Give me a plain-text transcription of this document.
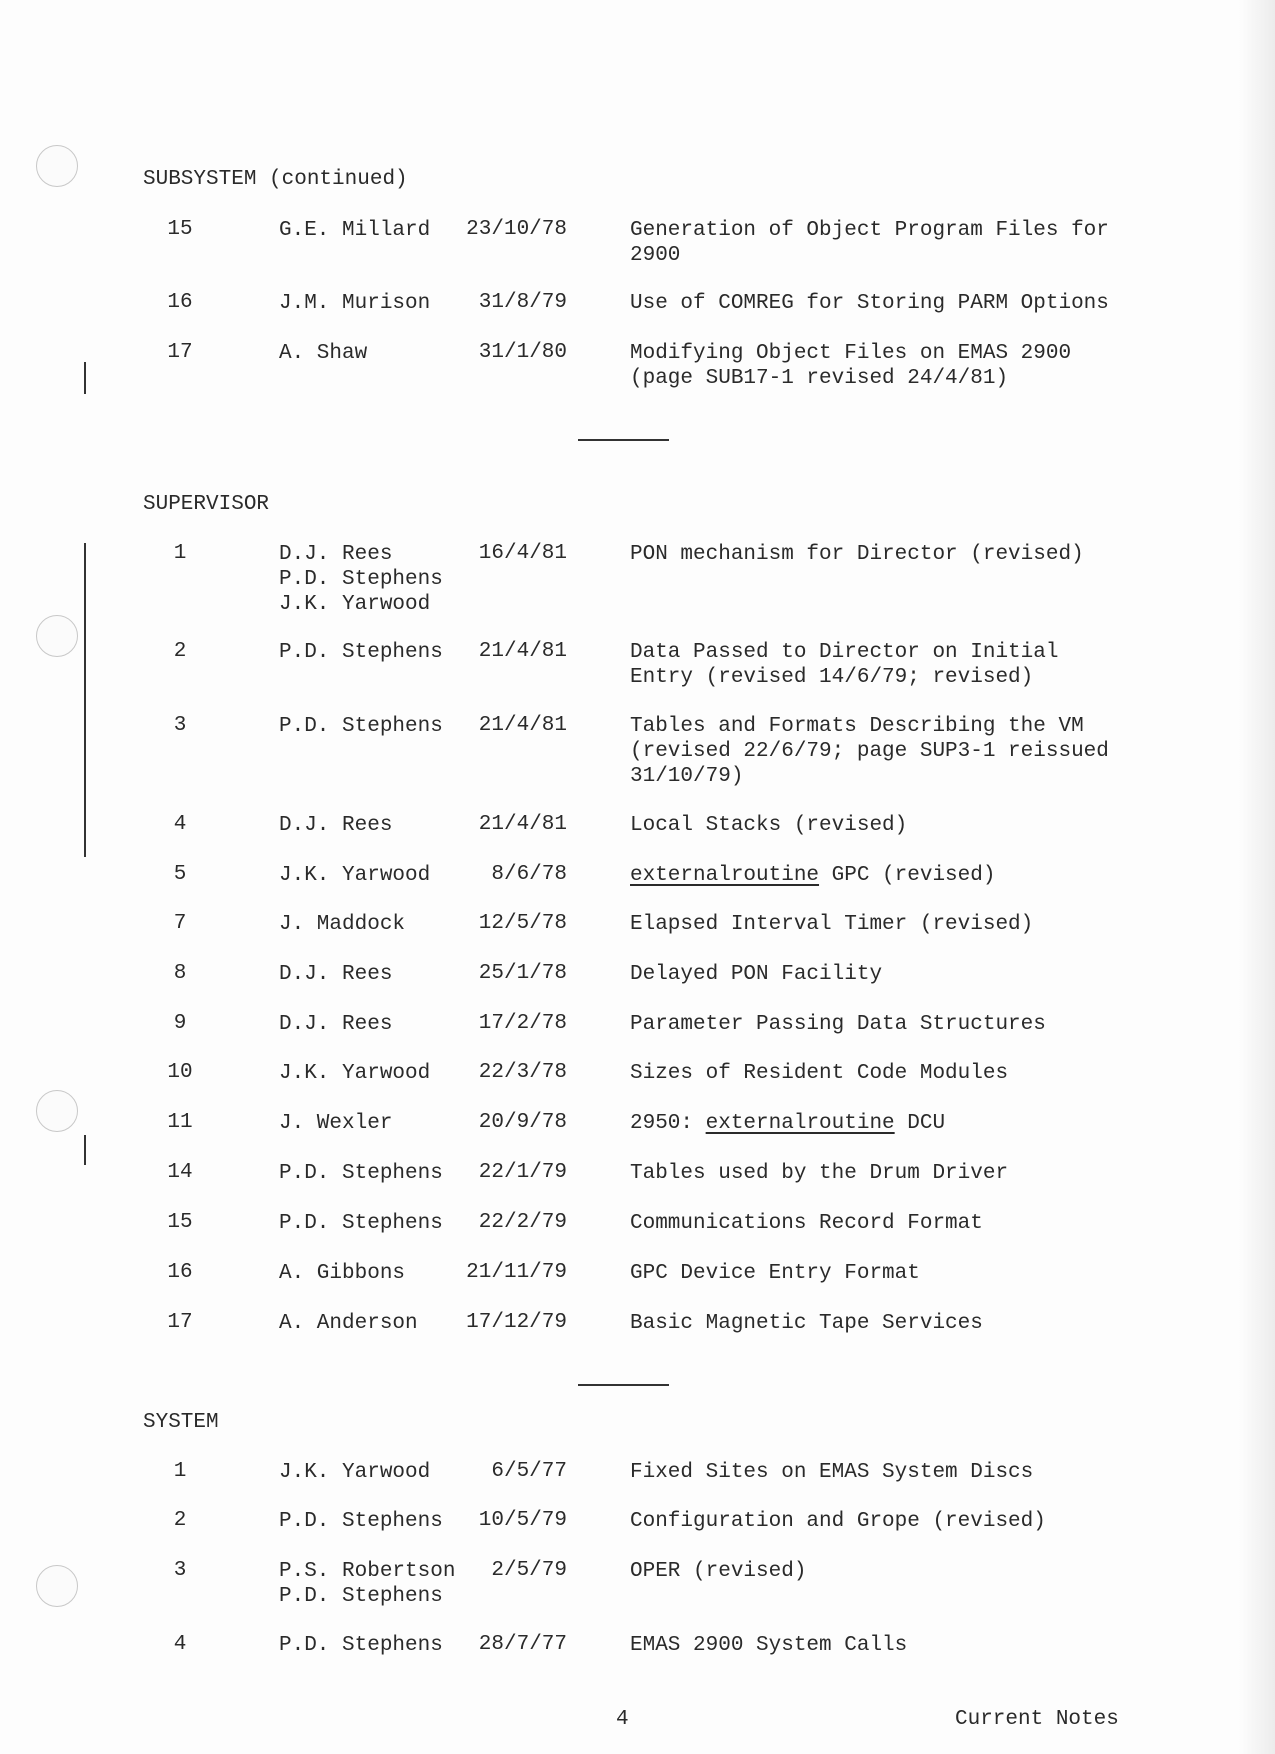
SUBSYSTEM (continued)
15	G.E. Millard 23/10/78	Generation of Object Program Files for
2900
16	J.M. Murison 31/8/79	Use of COMREG for Storing PARM Options
17	A. Shaw	31/1/80	Modifying Object Files on EMAS 2900
(page SUB17-1 revised 24/4/81)
SUPERVISOR
1	D.J. Rees
P.D. Stephens
J.K. Yarwood
16/4/81	PON mechanism for Director (revised)
2	P.D. Stephens 21/4/81	Data Passed to Director on Initial
Entry (revised 14/6/79; revised)
3	P.D. Stephens 21/4/81	Tables and Formats Describing the VM
(revised 22/6/79; page SUP3-1 reissued
31/10/79)
4	D.J. Rees	21/4/81	Local Stacks (revised)
5	J.K. Yarwood	8/6/78	externalroutine GPC (revised)
7	J. Maddock	12/5/78	Elapsed Interval Timer (revised)
8	D.J. Rees	25/1/78	Delayed PON Facility
9	D.J. Rees	17/2/78	Parameter Passing Data Structures
10	J.K. Yarwood 22/3/78	Sizes of Resident Code Modules
11	J. Wexler	20/9/78	2950: externalroutine DCU
14	P.D. Stephens 22/1/79	Tables used by the Drum Driver
15	P.D. Stephens 22/2/79	Communications Record Format
16	A. Gibbons	21/11/79	GPC Device Entry Format
17	A. Anderson 17/12/79	Basic Magnetic Tape Services
SYSTEM
1	J.K. Yarwood	6/5/77	Fixed Sites on EMAS System Discs
2	P.D. Stephens 10/5/79	Configuration and Grope (revised)
3	P.S. Robertson
P.D. Stephens
2/5/79	OPER (revised)
4	P.D. Stephens 28/7/77	EMAS 2900 System Calls
4	Current Notes
